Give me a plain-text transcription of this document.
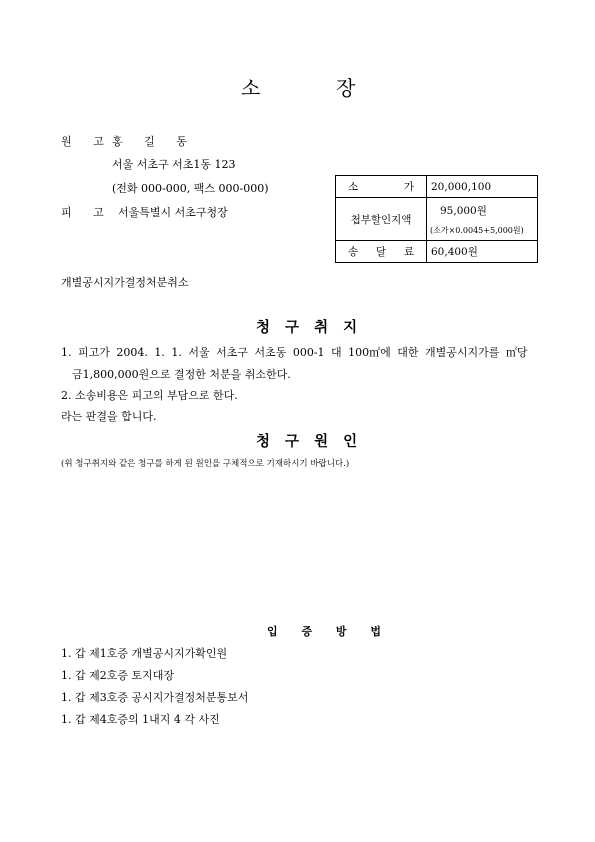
소	장
원 고 홍 길 동
서울 서초구 서초1동 123
(전화 000-000, 팩스 000-000)
피 고 서울특별시 서초구청장
소 가	20,000,100
첩부할인지액	95,000원
(소가×0.0045+5,000원)

송 달 료	60,400원
개별공시지가결정처분취소
청 구 취 지
1. 피고가 2004. 1. 1. 서울 서초구 서초동 000-1 대 100㎡에 대한 개별공시지가를 ㎡당
금1,800,000원으로 결정한 처분을 취소한다.
2. 소송비용은 피고의 부담으로 한다.
라는 판결을 합니다.
청 구 원 인
(위 청구취지와 같은 청구를 하게 된 원인을 구체적으로 기재하시기 바랍니다.)
입 증 방 법
1. 갑 제1호증 개별공시지가확인원
1. 갑 제2호증 토지대장
1. 갑 제3호증 공시지가결정처분통보서
1. 갑 제4호증의 1내지 4 각 사진
